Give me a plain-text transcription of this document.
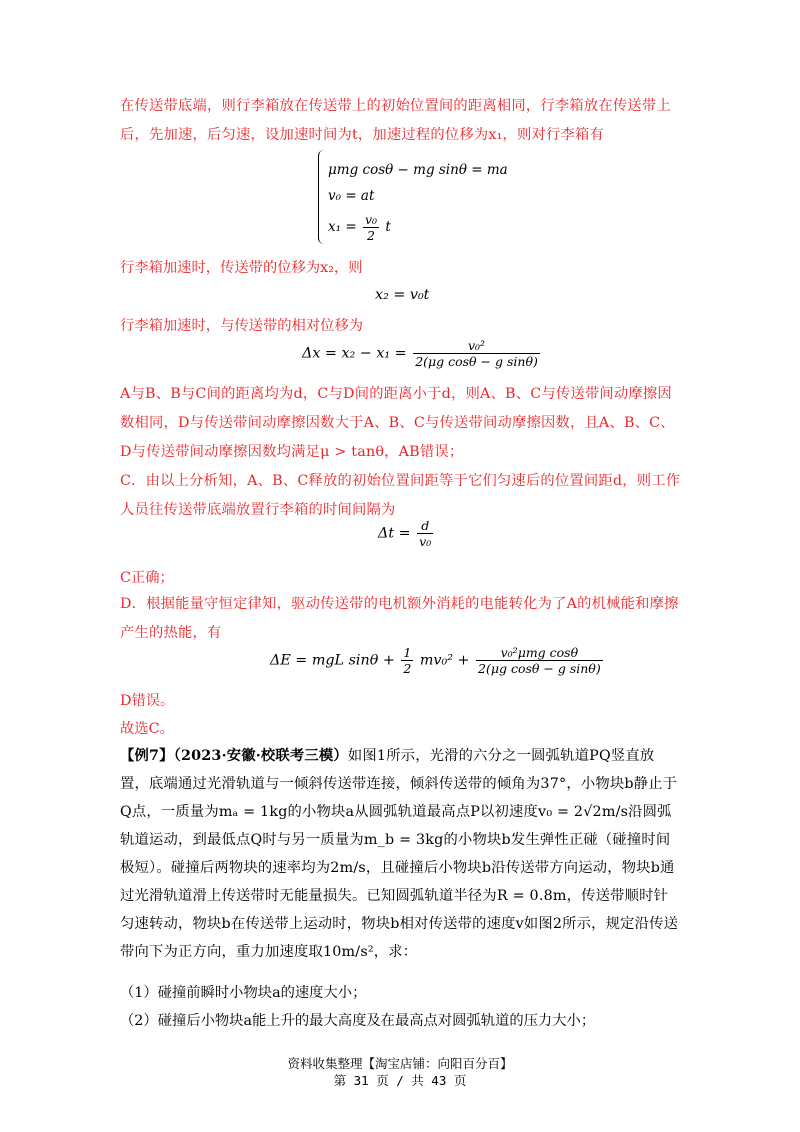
在传送带底端，则行李箱放在传送带上的初始位置间的距离相同，行李箱放在传送带上后，先加速，后匀速，设加速时间为t，加速过程的位移为x₁，则对行李箱有
μmg cosθ − mg sinθ = ma
v₀ = at
$x_1 = \frac{\text{v₀}}{2}$ t
行李箱加速时，传送带的位移为x₂，则
x₂ = v₀t
行李箱加速时，与传送带的相对位移为
$\Delta x = x_2 - x_1 = \frac{\text{v₀²}}{\text{2(μg cosθ − g sinθ)}}$
A与B、B与C间的距离均为d，C与D间的距离小于d，则A、B、C与传送带间动摩擦因数相同，D与传送带间动摩擦因数大于A、B、C与传送带间动摩擦因数，且A、B、C、D与传送带间动摩擦因数均满足μ > tanθ，AB错误；
C．由以上分析知，A、B、C释放的初始位置间距等于它们匀速后的位置间距d，则工作人员往传送带底端放置行李箱的时间间隔为
$\Delta t = \frac{d}{\text{v₀}}$
C正确；
D．根据能量守恒定律知，驱动传送带的电机额外消耗的电能转化为了A的机械能和摩擦产生的热能，有
ΔE = mgL $\sin\theta + \frac{1}{2} mv_0^2 + \frac{\text{v₀²μmg cosθ}}{\text{2(μg cosθ − g sinθ)}}$
D错误。
故选C。
【例7】（2023·安徽·校联考三模）如图1所示，光滑的六分之一圆弧轨道PQ竖直放置，底端通过光滑轨道与一倾斜传送带连接，倾斜传送带的倾角为37°，小物块b静止于Q点，一质量为mₐ = 1kg的小物块a从圆弧轨道最高点P以初速度v₀ = 2√2m/s沿圆弧轨道运动，到最低点Q时与另一质量为m_b = 3kg的小物块b发生弹性正碰（碰撞时间极短）。碰撞后两物块的速率均为2m/s，且碰撞后小物块b沿传送带方向运动，物块b通过光滑轨道滑上传送带时无能量损失。已知圆弧轨道半径为R = 0.8m，传送带顺时针匀速转动，物块b在传送带上运动时，物块b相对传送带的速度v如图2所示，规定沿传送带向下为正方向，重力加速度取10m/s²，求：
（1）碰撞前瞬时小物块a的速度大小；
（2）碰撞后小物块a能上升的最大高度及在最高点对圆弧轨道的压力大小；
资料收集整理【淘宝店铺：向阳百分百】
第 31 页 / 共 43 页
